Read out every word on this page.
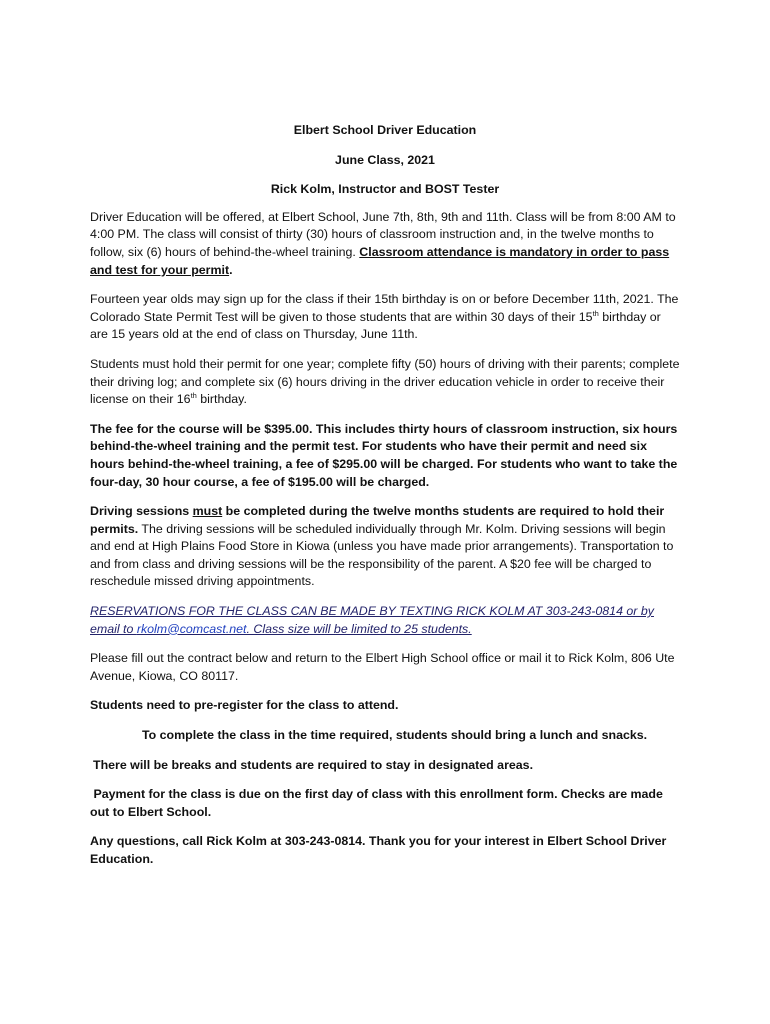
Elbert School Driver Education

June Class, 2021

Rick Kolm, Instructor and BOST Tester

Driver Education will be offered, at Elbert School, June 7th, 8th, 9th and 11th. Class will be from 8:00 AM to 4:00 PM. The class will consist of thirty (30) hours of classroom instruction and, in the twelve months to follow, six (6) hours of behind-the-wheel training. Classroom attendance is mandatory in order to pass and test for your permit.

Fourteen year olds may sign up for the class if their 15th birthday is on or before December 11th, 2021. The Colorado State Permit Test will be given to those students that are within 30 days of their 15th birthday or are 15 years old at the end of class on Thursday, June 11th.

Students must hold their permit for one year; complete fifty (50) hours of driving with their parents; complete their driving log; and complete six (6) hours driving in the driver education vehicle in order to receive their license on their 16th birthday.

The fee for the course will be $395.00. This includes thirty hours of classroom instruction, six hours behind-the-wheel training and the permit test. For students who have their permit and need six hours behind-the-wheel training, a fee of $295.00 will be charged. For students who want to take the four-day, 30 hour course, a fee of $195.00 will be charged.

Driving sessions must be completed during the twelve months students are required to hold their permits. The driving sessions will be scheduled individually through Mr. Kolm. Driving sessions will begin and end at High Plains Food Store in Kiowa (unless you have made prior arrangements). Transportation to and from class and driving sessions will be the responsibility of the parent. A $20 fee will be charged to reschedule missed driving appointments.

RESERVATIONS FOR THE CLASS CAN BE MADE BY TEXTING RICK KOLM AT 303-243-0814 or by email to rkolm@comcast.net. Class size will be limited to 25 students.

Please fill out the contract below and return to the Elbert High School office or mail it to Rick Kolm, 806 Ute Avenue, Kiowa, CO 80117.

Students need to pre-register for the class to attend.

To complete the class in the time required, students should bring a lunch and snacks.

There will be breaks and students are required to stay in designated areas.

Payment for the class is due on the first day of class with this enrollment form. Checks are made out to Elbert School.

Any questions, call Rick Kolm at 303-243-0814. Thank you for your interest in Elbert School Driver Education.
